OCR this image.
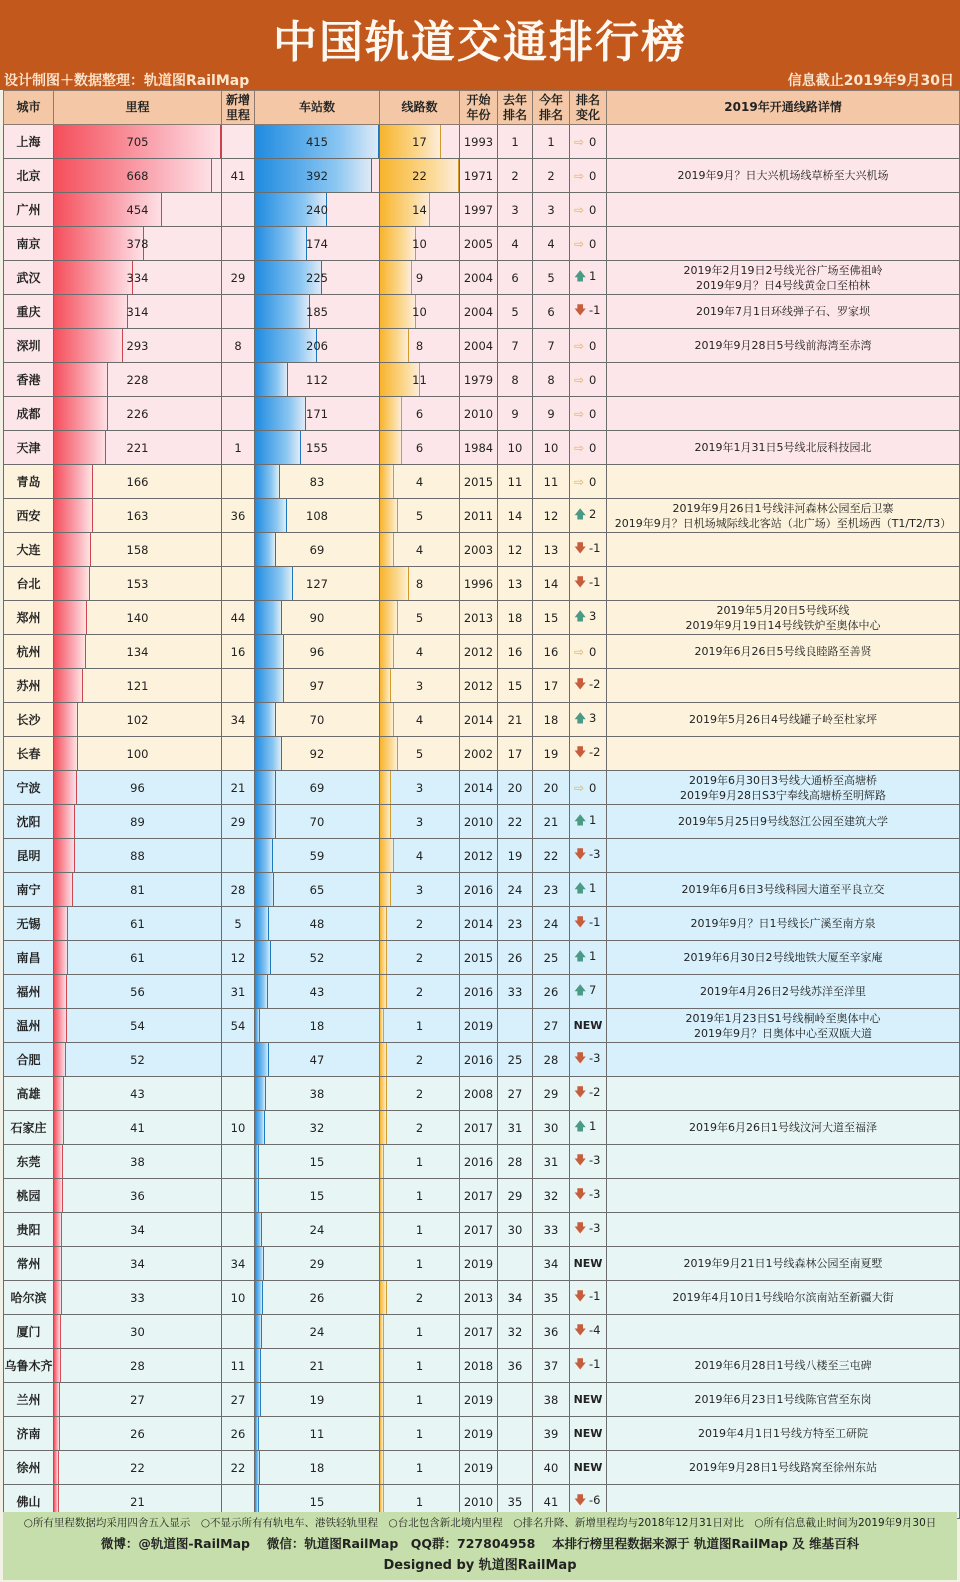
中国轨道交通排行榜
设计制图＋数据整理：轨道图RailMap	信息截止2019年9月30日
城市	里程	新增
里程	车站数	线路数	开始
年份	去年
排名	今年
排名	排名
变化	2019年开通线路详情
上海	705		415	17	1993	1	1	⇨ 0	
北京	668	41	392	22	1971	2	2	⇨ 0	2019年9月？日大兴机场线草桥至大兴机场
广州	454		240	14	1997	3	3	⇨ 0	
南京	378		174	10	2005	4	4	⇨ 0	
武汉	334	29	225	9	2004	6	5	🡅 1	2019年2月19日2号线光谷广场至佛祖岭
2019年9月？日4号线黄金口至柏林
重庆	314		185	10	2004	5	6	🡇 -1	2019年7月1日环线弹子石、罗家坝
深圳	293	8	206	8	2004	7	7	⇨ 0	2019年9月28日5号线前海湾至赤湾
香港	228		112	11	1979	8	8	⇨ 0	
成都	226		171	6	2010	9	9	⇨ 0	
天津	221	1	155	6	1984	10	10	⇨ 0	2019年1月31日5号线北辰科技园北
青岛	166		83	4	2015	11	11	⇨ 0	
西安	163	36	108	5	2011	14	12	🡅 2	2019年9月26日1号线沣河森林公园至后卫寨
2019年9月？日机场城际线北客站（北广场）至机场西（T1/T2/T3）
大连	158		69	4	2003	12	13	🡇 -1	
台北	153		127	8	1996	13	14	🡇 -1	
郑州	140	44	90	5	2013	18	15	🡅 3	2019年5月20日5号线环线
2019年9月19日14号线铁炉至奥体中心
杭州	134	16	96	4	2012	16	16	⇨ 0	2019年6月26日5号线良睦路至善贤
苏州	121		97	3	2012	15	17	🡇 -2	
长沙	102	34	70	4	2014	21	18	🡅 3	2019年5月26日4号线罐子岭至杜家坪
长春	100		92	5	2002	17	19	🡇 -2	
宁波	96	21	69	3	2014	20	20	⇨ 0	2019年6月30日3号线大通桥至高塘桥
2019年9月28日S3宁奉线高塘桥至明辉路
沈阳	89	29	70	3	2010	22	21	🡅 1	2019年5月25日9号线怒江公园至建筑大学
昆明	88		59	4	2012	19	22	🡇 -3	
南宁	81	28	65	3	2016	24	23	🡅 1	2019年6月6日3号线科园大道至平良立交
无锡	61	5	48	2	2014	23	24	🡇 -1	2019年9月？日1号线长广溪至南方泉
南昌	61	12	52	2	2015	26	25	🡅 1	2019年6月30日2号线地铁大厦至辛家庵
福州	56	31	43	2	2016	33	26	🡅 7	2019年4月26日2号线苏洋至洋里
温州	54	54	18	1	2019		27	NEW	2019年1月23日S1号线桐岭至奥体中心
2019年9月？日奥体中心至双瓯大道
合肥	52		47	2	2016	25	28	🡇 -3	
高雄	43		38	2	2008	27	29	🡇 -2	
石家庄	41	10	32	2	2017	31	30	🡅 1	2019年6月26日1号线汶河大道至福泽
东莞	38		15	1	2016	28	31	🡇 -3	
桃园	36		15	1	2017	29	32	🡇 -3	
贵阳	34		24	1	2017	30	33	🡇 -3	
常州	34	34	29	1	2019		34	NEW	2019年9月21日1号线森林公园至南夏墅
哈尔滨	33	10	26	2	2013	34	35	🡇 -1	2019年4月10日1号线哈尔滨南站至新疆大街
厦门	30		24	1	2017	32	36	🡇 -4	
乌鲁木齐	28	11	21	1	2018	36	37	🡇 -1	2019年6月28日1号线八楼至三屯碑
兰州	27	27	19	1	2019		38	NEW	2019年6月23日1号线陈官营至东岗
济南	26	26	11	1	2019		39	NEW	2019年4月1日1号线方特至工研院
徐州	22	22	18	1	2019		40	NEW	2019年9月28日1号线路窝至徐州东站
佛山	21		15	1	2010	35	41	🡇 -6	
○所有里程数据均采用四舍五入显示　○不显示所有有轨电车、港铁轻轨里程　○台北包含新北境内里程　○排名升降、新增里程均与2018年12月31日对比　○所有信息截止时间为2019年9月30日
微博：@轨道图-RailMap　 微信：轨道图RailMap　QQ群：727804958　 本排行榜里程数据来源于 轨道图RailMap 及 维基百科
Designed by 轨道图RailMap
